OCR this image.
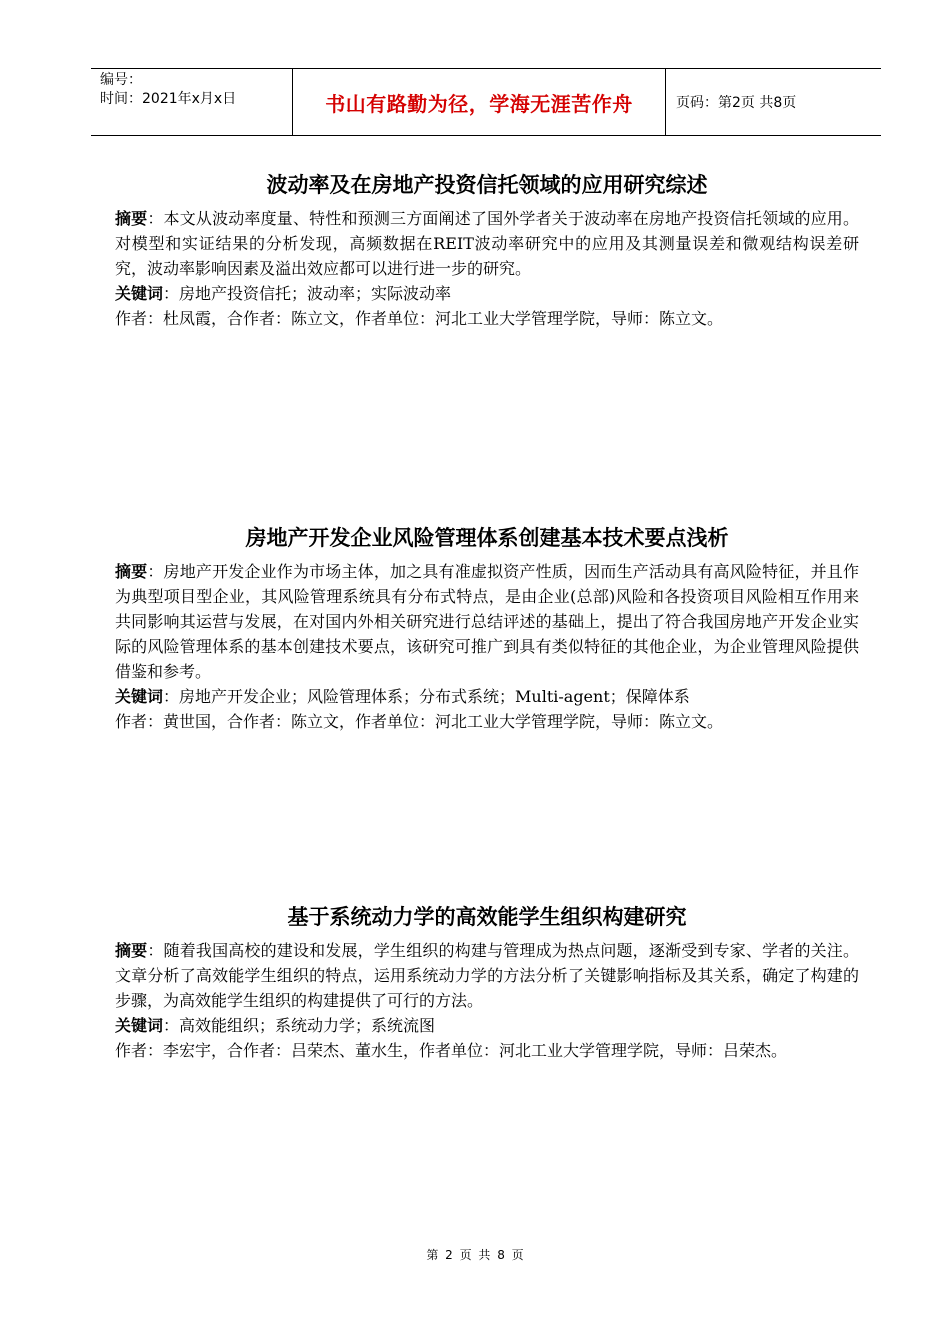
编号：
时间：2021年x月x日	书山有路勤为径，学海无涯苦作舟	页码：第2页 共8页
波动率及在房地产投资信托领域的应用研究综述

摘要：本文从波动率度量、特性和预测三方面阐述了国外学者关于波动率在房地产投资信托领域的应用。对模型和实证结果的分析发现，高频数据在REIT波动率研究中的应用及其测量误差和微观结构误差研究，波动率影响因素及溢出效应都可以进行进一步的研究。

关键词：房地产投资信托；波动率；实际波动率

作者：杜凤霞，合作者：陈立文，作者单位：河北工业大学管理学院，导师：陈立文。

房地产开发企业风险管理体系创建基本技术要点浅析

摘要：房地产开发企业作为市场主体，加之具有准虚拟资产性质，因而生产活动具有高风险特征，并且作为典型项目型企业，其风险管理系统具有分布式特点，是由企业(总部)风险和各投资项目风险相互作用来共同影响其运营与发展，在对国内外相关研究进行总结评述的基础上，提出了符合我国房地产开发企业实际的风险管理体系的基本创建技术要点，该研究可推广到具有类似特征的其他企业，为企业管理风险提供借鉴和参考。

关键词：房地产开发企业；风险管理体系；分布式系统；Multi-agent；保障体系

作者：黄世国，合作者：陈立文，作者单位：河北工业大学管理学院，导师：陈立文。

基于系统动力学的高效能学生组织构建研究

摘要：随着我国高校的建设和发展，学生组织的构建与管理成为热点问题，逐渐受到专家、学者的关注。文章分析了高效能学生组织的特点，运用系统动力学的方法分析了关键影响指标及其关系，确定了构建的步骤，为高效能学生组织的构建提供了可行的方法。

关键词：高效能组织；系统动力学；系统流图

作者：李宏宇，合作者：吕荣杰、董水生，作者单位：河北工业大学管理学院，导师：吕荣杰。

第 2 页 共 8 页
